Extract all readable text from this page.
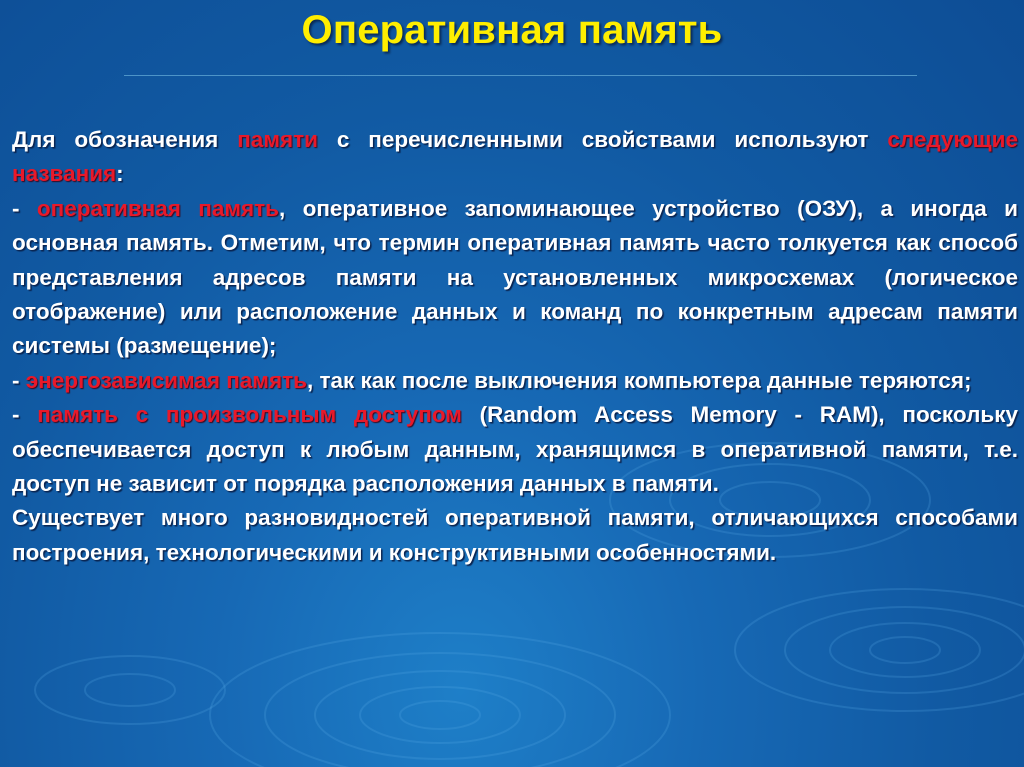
Оперативная память

Для обозначения памяти с перечисленными свойствами используют следующие названия:

- оперативная память, оперативное запоминающее устройство (ОЗУ), а иногда и основная память. Отметим, что термин оперативная память часто толкуется как способ представления адресов памяти на установленных микросхемах (логическое отображение) или расположение данных и команд по конкретным адресам памяти системы (размещение);

- энергозависимая память, так как после выключения компьютера данные теряются;

- память с произвольным доступом (Random Access Memory - RAM), поскольку обеспечивается доступ к любым данным, хранящимся в оперативной памяти, т.е. доступ не зависит от порядка расположения данных в памяти.

Существует много разновидностей оперативной памяти, отличающихся способами построения, технологическими и конструктивными особенностями.
